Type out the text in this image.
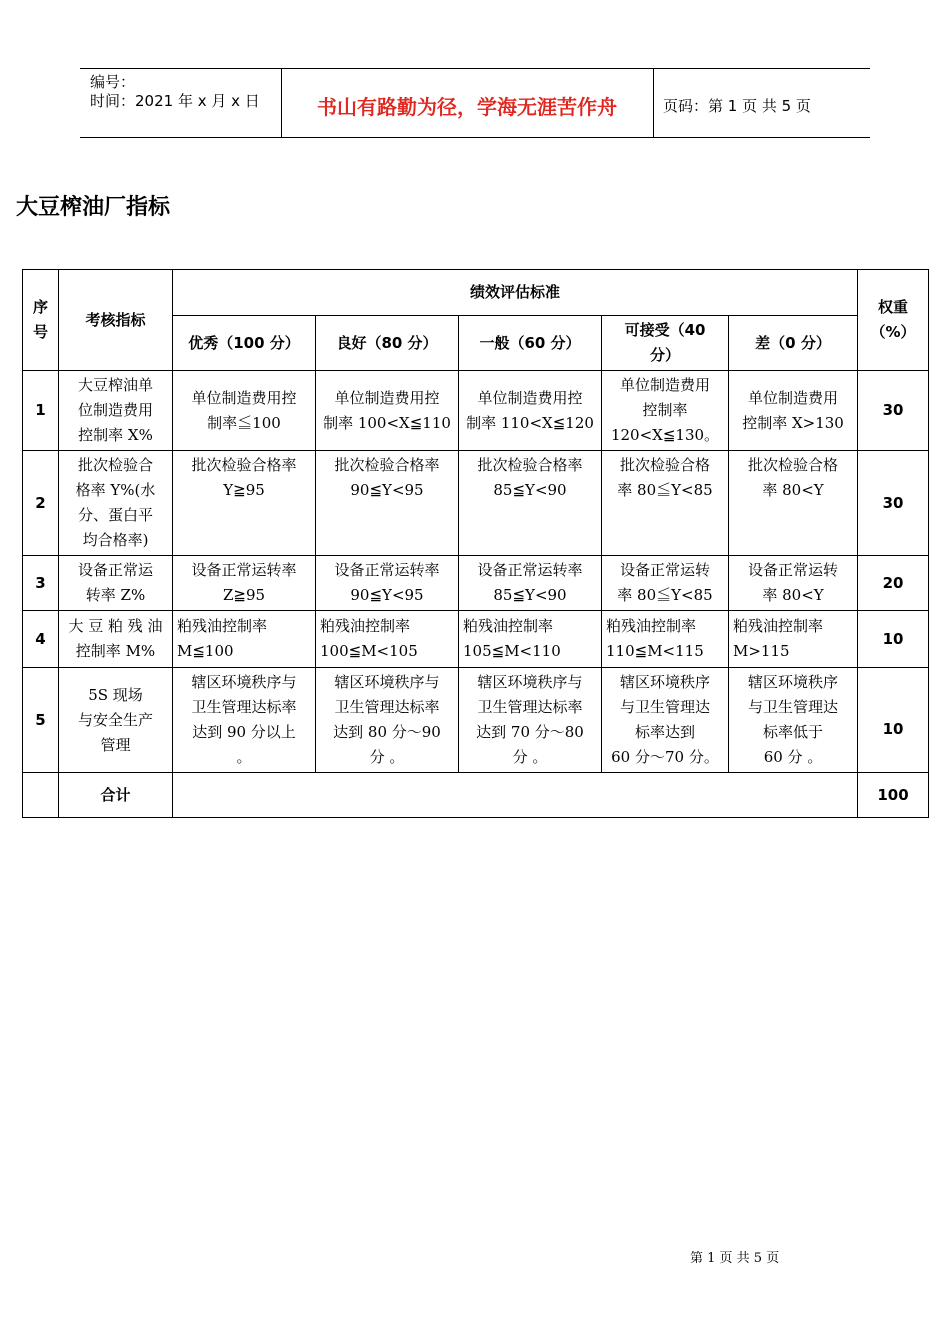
编号：
时间：2021 年 x 月 x 日	书山有路勤为径，学海无涯苦作舟	页码：第 1 页 共 5 页
大豆榨油厂指标
序
号	考核指标	绩效评估标准					权重
（%）
		优秀（100 分）	良好（80 分）	一般（60 分）	可接受（40
分）	差（0 分）	
1	大豆榨油单
位制造费用
控制率 X%	单位制造费用控
制率≦100	单位制造费用控
制率 100<X≦110	单位制造费用控
制率 110<X≦120	单位制造费用
控制率
120<X≦130。	单位制造费用
控制率 X>130	30
2	批次检验合
格率 Y%(水
分、蛋白平
均合格率)	批次检验合格率
Y≧95	批次检验合格率
90≦Y<95	批次检验合格率
85≦Y<90	批次检验合格
率 80≦Y<85	批次检验合格
率 80<Y	30
3	设备正常运
转率 Z%	设备正常运转率
Z≧95	设备正常运转率
90≦Y<95	设备正常运转率
85≦Y<90	设备正常运转
率 80≦Y<85	设备正常运转
率 80<Y	20
4	大 豆 粕 残 油
控制率 M%	粕残油控制率
M≦100	粕残油控制率
100≦M<105	粕残油控制率
105≦M<110	粕残油控制率
110≦M<115	粕残油控制率
M>115	10
5	5S 现场
与安全生产
管理	辖区环境秩序与
卫生管理达标率
达到 90 分以上
。	辖区环境秩序与
卫生管理达标率
达到 80 分～90
分 。	辖区环境秩序与
卫生管理达标率
达到 70 分～80
分 。	辖区环境秩序
与卫生管理达
标率达到
60 分～70 分。	辖区环境秩序
与卫生管理达
标率低于
60 分 。	10
	合计						100
第 1 页 共 5 页
